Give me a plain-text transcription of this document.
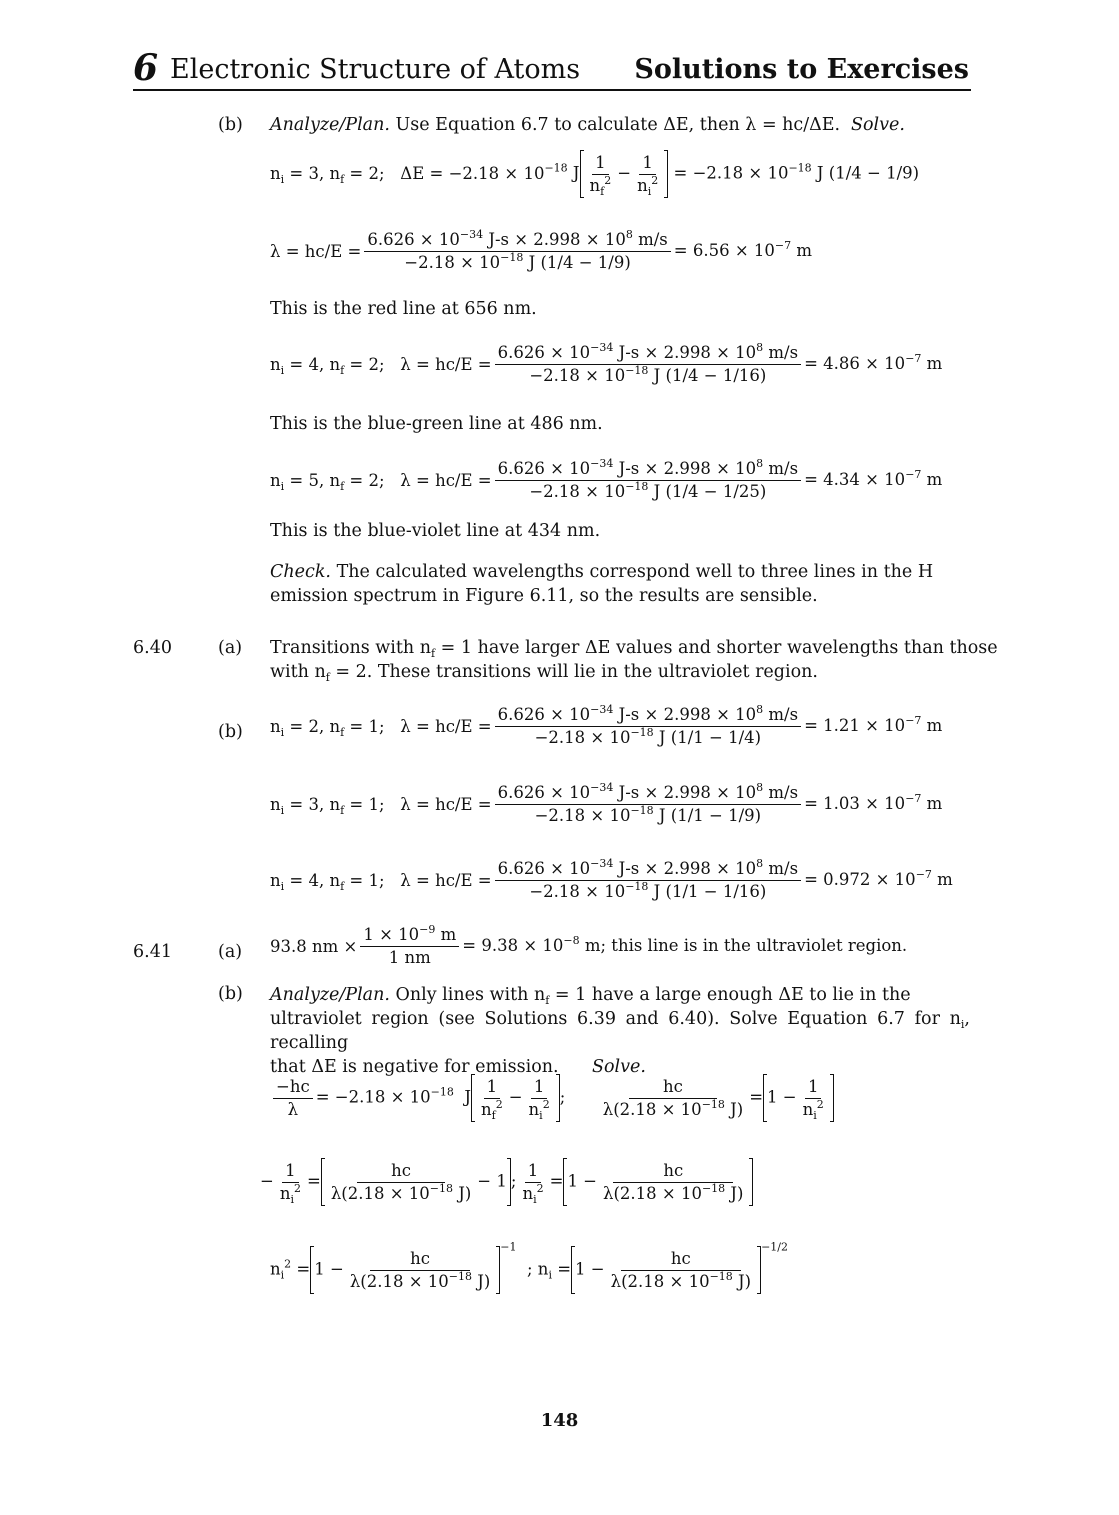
6 Electronic Structure of Atoms Solutions to Exercises
(b) Analyze/Plan. Use Equation 6.7 to calculate ΔE, then λ = hc/ΔE. Solve.
$n_i = 3$, $n_f = 2$;   $\Delta E = -2.18 \times 10^{-18}$ J $\frac{1}{n_f^2} - \frac{1}{n_i^2} = -2.18 \times 10^{-18}$ J (1/4 − 1/9)
$\lambda = hc/E = \frac{6.626 \times 10^{-34} J-s \times 2.998 \times 10^8 m/s}{-2.18 \times 10^{-18} J (1/4 - 1/9)} = 6.56 \times 10^{-7}$ m
This is the red line at 656 nm.
$n_i = 4$, $n_f = 2$;   $\lambda = hc/E = \frac{6.626 \times 10^{-34} J-s \times 2.998 \times 10^8 m/s}{-2.18 \times 10^{-18} J (1/4 - 1/16)} = 4.86 \times 10^{-7}$ m
This is the blue-green line at 486 nm.
$n_i = 5$, $n_f = 2$;   $\lambda = hc/E = \frac{6.626 \times 10^{-34} J-s \times 2.998 \times 10^8 m/s}{-2.18 \times 10^{-18} J (1/4 - 1/25)} = 4.34 \times 10^{-7}$ m
This is the blue-violet line at 434 nm.
Check. The calculated wavelengths correspond well to three lines in the H
emission spectrum in Figure 6.11, so the results are sensible.
6.40	(a) Transitions with $n_f = 1$ have larger ΔE values and shorter wavelengths than those
with $n_f = 2$. These transitions will lie in the ultraviolet region.
(b) $n_i = 2$, $n_f = 1$;   $\lambda = hc/E = \frac{6.626 \times 10^{-34} J-s \times 2.998 \times 10^8 m/s}{-2.18 \times 10^{-18} J (1/1 - 1/4)} = 1.21 \times 10^{-7}$ m
$n_i = 3$, $n_f = 1$;   $\lambda = hc/E = \frac{6.626 \times 10^{-34} J-s \times 2.998 \times 10^8 m/s}{-2.18 \times 10^{-18} J (1/1 - 1/9)} = 1.03 \times 10^{-7}$ m
$n_i = 4$, $n_f = 1$;   $\lambda = hc/E = \frac{6.626 \times 10^{-34} J-s \times 2.998 \times 10^8 m/s}{-2.18 \times 10^{-18} J (1/1 - 1/16)} = 0.972 \times 10^{-7}$ m
6.41	(a) 93.8 nm × $\frac{1 \times 10^{-9} m}{1 nm} = 9.38 \times 10^{-8}$ m; this line is in the ultraviolet region.
(b) Analyze/Plan. Only lines with $n_f = 1$ have a large enough ΔE to lie in the
ultraviolet region (see Solutions 6.39 and 6.40). Solve Equation 6.7 for $n_i$, recalling
that ΔE is negative for emission. Solve.
$\frac{-hc}{\lambda} = -2.18 \times 10^{-18}$  J $\frac{1}{n_f^2} - \frac{1}{n_i^2}$ ; $\frac{hc}{\lambda(2.18 \times 10^{-18} J)} = 1 - \frac{1}{n_i^2}$
− $\frac{1}{n_i^2} = \frac{hc}{\lambda(2.18 \times 10^{-18} J)} - 1$ ; $\frac{1}{n_i^2} = 1 - \frac{hc}{\lambda(2.18 \times 10^{-18} J)}$
$n_i^2 = 1 - \frac{hc}{\lambda(2.18 \times 10^{-18} J)}$
$^{-1}$  ; $n_i = 1 - \frac{hc}{\lambda(2.18 \times 10^{-18} J)}$
$^{-1/2}$
148
